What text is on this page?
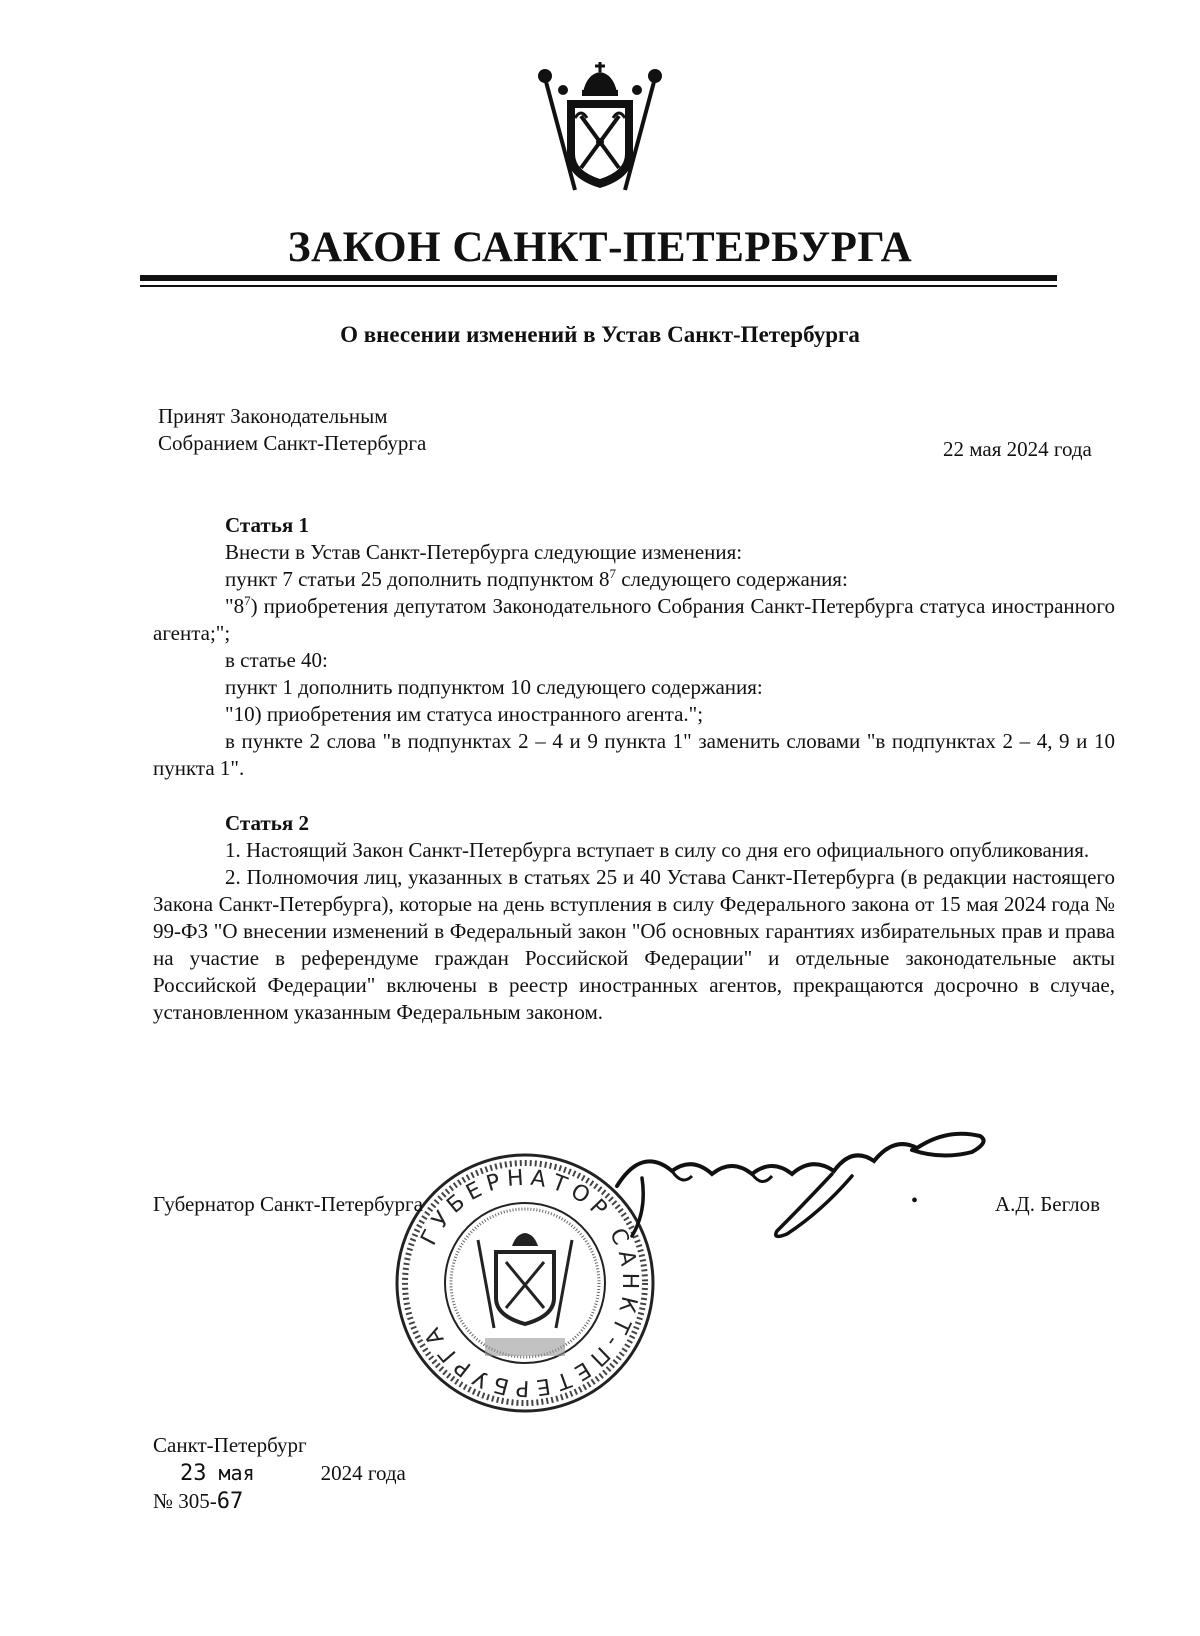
ЗАКОН САНКТ-ПЕТЕРБУРГА
О внесении изменений в Устав Санкт-Петербурга
Принят Законодательным
Собранием Санкт-Петербурга	22 мая 2024 года

Статья 1

Внести в Устав Санкт-Петербурга следующие изменения:

пункт 7 статьи 25 дополнить подпунктом $8^7$ следующего содержания:

"$8^7$) приобретения депутатом Законодательного Собрания Санкт-Петербурга статуса иностранного агента;";

в статье 40:

пункт 1 дополнить подпунктом 10 следующего содержания:

"10) приобретения им статуса иностранного агента.";

в пункте 2 слова "в подпунктах 2 – 4 и 9 пункта 1" заменить словами "в подпунктах 2 – 4, 9 и 10 пункта 1".

Статья 2

1. Настоящий Закон Санкт-Петербурга вступает в силу со дня его официального опубликования.

2. Полномочия лиц, указанных в статьях 25 и 40 Устава Санкт-Петербурга (в редакции настоящего Закона Санкт-Петербурга), которые на день вступления в силу Федерального закона от 15 мая 2024 года № 99-ФЗ "О внесении изменений в Федеральный закон "Об основных гарантиях избирательных прав и права на участие в референдуме граждан Российской Федерации" и отдельные законодательные акты Российской Федерации" включены в реестр иностранных агентов, прекращаются досрочно в случае, установленном указанным Федеральным законом.

ГУБЕРНАТОР САНКТ-ПЕТЕРБУРГА
Губернатор Санкт-Петербурга	•	А.Д. Беглов
Санкт-Петербург
23 мая	2024 года
№ 305-67
